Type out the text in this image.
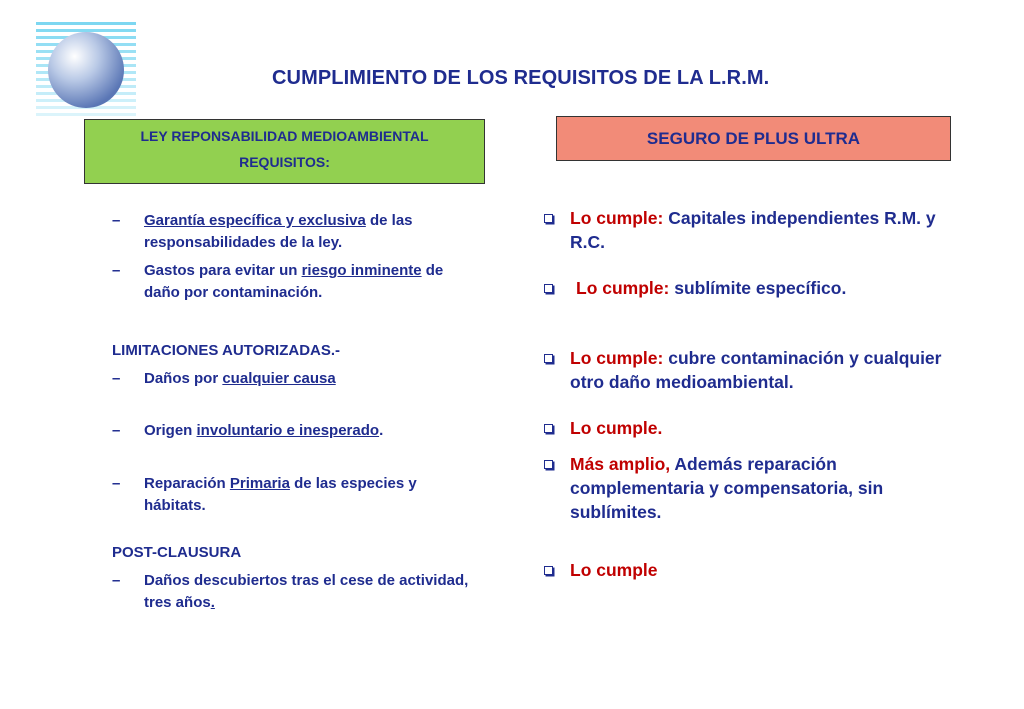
CUMPLIMIENTO DE LOS REQUISITOS DE LA L.R.M.
LEY REPONSABILIDAD MEDIOAMBIENTAL
REQUISITOS:
SEGURO DE PLUS ULTRA
–	Garantía específica y exclusiva de las responsabilidades de la ley.
–	Gastos para evitar un riesgo inminente de daño por contaminación.
LIMITACIONES AUTORIZADAS.-
–	Daños por cualquier causa
–	Origen involuntario e inesperado.
–	Reparación Primaria de las especies y hábitats.
POST-CLAUSURA
–	Daños descubiertos tras el cese de actividad, tres años.
Lo cumple: Capitales independientes R.M. y R.C.
Lo cumple: sublímite específico.
Lo cumple: cubre contaminación y cualquier otro daño medioambiental.
Lo cumple.
Más amplio, Además reparación complementaria y compensatoria, sin sublímites.
Lo cumple
